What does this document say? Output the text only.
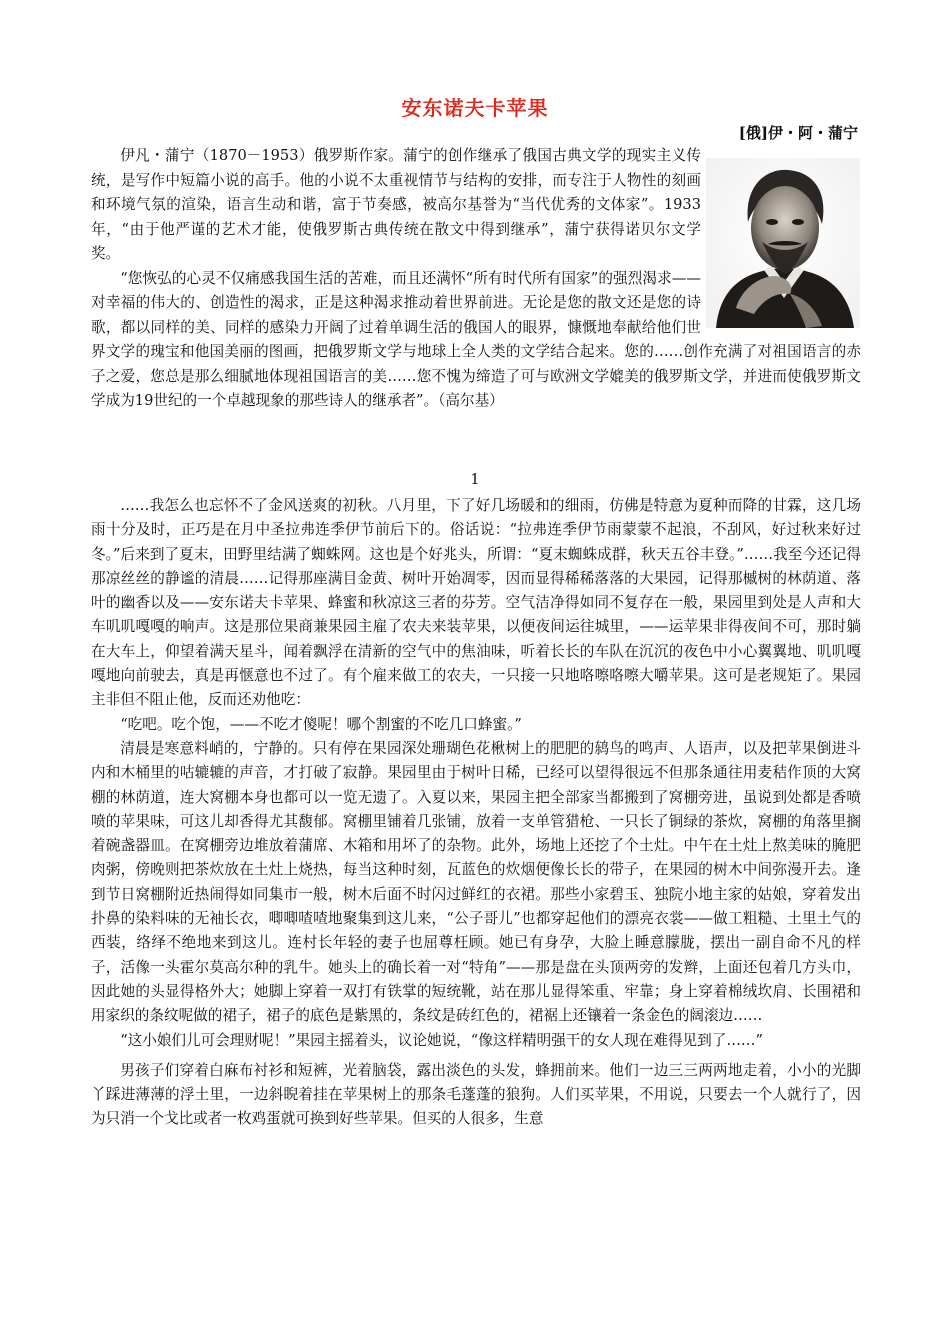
安东诺夫卡苹果
[俄]伊・阿・蒲宁

伊凡・蒲宁（1870－1953）俄罗斯作家。蒲宁的创作继承了俄国古典文学的现实主义传统，是写作中短篇小说的高手。他的小说不太重视情节与结构的安排，而专注于人物性的刻画和环境气氛的渲染，语言生动和谐，富于节奏感，被高尔基誉为“当代优秀的文体家”。1933年，“由于他严谨的艺术才能，使俄罗斯古典传统在散文中得到继承”，蒲宁获得诺贝尔文学奖。

“您恢弘的心灵不仅痛感我国生活的苦难，而且还满怀“所有时代所有国家”的强烈渴求——对幸福的伟大的、创造性的渴求，正是这种渴求推动着世界前进。无论是您的散文还是您的诗歌，都以同样的美、同样的感染力开阔了过着单调生活的俄国人的眼界，慷慨地奉献给他们世界文学的瑰宝和他国美丽的图画，把俄罗斯文学与地球上全人类的文学结合起来。您的……创作充满了对祖国语言的赤子之爱，您总是那么细腻地体现祖国语言的美……您不愧为缔造了可与欧洲文学媲美的俄罗斯文学，并进而使俄罗斯文学成为19世纪的一个卓越现象的那些诗人的继承者”。（高尔基）

1

……我怎么也忘怀不了金风送爽的初秋。八月里，下了好几场暖和的细雨，仿佛是特意为夏种而降的甘霖，这几场雨十分及时，正巧是在月中圣拉弗连季伊节前后下的。俗话说：“拉弗连季伊节雨蒙蒙不起浪，不刮风，好过秋来好过冬。”后来到了夏末，田野里结满了蜘蛛网。这也是个好兆头，所谓：“夏末蜘蛛成群，秋天五谷丰登。”……我至今还记得那凉丝丝的静谧的清晨……记得那座满目金黄、树叶开始凋零，因而显得稀稀落落的大果园，记得那槭树的林荫道、落叶的幽香以及——安东诺夫卡苹果、蜂蜜和秋凉这三者的芬芳。空气洁净得如同不复存在一般，果园里到处是人声和大车叽叽嘎嘎的响声。这是那位果商兼果园主雇了农夫来装苹果，以便夜间运往城里，——运苹果非得夜间不可，那时躺在大车上，仰望着满天星斗，闻着飘浮在清新的空气中的焦油味，听着长长的车队在沉沉的夜色中小心翼翼地、叽叽嘎嘎地向前驶去，真是再惬意也不过了。有个雇来做工的农夫，一只接一只地咯嚓咯嚓大嚼苹果。这可是老规矩了。果园主非但不阻止他，反而还劝他吃：

“吃吧。吃个饱，——不吃才傻呢！哪个割蜜的不吃几口蜂蜜。”

清晨是寒意料峭的，宁静的。只有停在果园深处珊瑚色花楸树上的肥肥的鸫鸟的鸣声、人语声，以及把苹果倒进斗内和木桶里的咕辘辘的声音，才打破了寂静。果园里由于树叶日稀，已经可以望得很远不但那条通往用麦秸作顶的大窝棚的林荫道，连大窝棚本身也都可以一览无遗了。入夏以来，果园主把全部家当都搬到了窝棚旁进，虽说到处都是香喷喷的苹果味，可这儿却香得尤其馥郁。窝棚里铺着几张铺，放着一支单管猎枪、一只长了铜绿的茶炊，窝棚的角落里搁着碗盏器皿。在窝棚旁边堆放着蒲席、木箱和用坏了的杂物。此外，场地上还挖了个土灶。中午在土灶上熬美味的腌肥肉粥，傍晚则把茶炊放在土灶上烧热，每当这种时刻，瓦蓝色的炊烟便像长长的带子，在果园的树木中间弥漫开去。逢到节日窝棚附近热闹得如同集市一般，树木后面不时闪过鲜红的衣裙。那些小家碧玉、独院小地主家的姑娘，穿着发出扑鼻的染料味的无袖长衣，唧唧喳喳地聚集到这儿来，“公子哥儿”也都穿起他们的漂亮衣裳——做工粗糙、土里土气的西装，络绎不绝地来到这儿。连村长年轻的妻子也屈尊枉顾。她已有身孕，大脸上睡意朦胧，摆出一副自命不凡的样子，活像一头霍尔莫高尔种的乳牛。她头上的确长着一对“特角”——那是盘在头顶两旁的发辫，上面还包着几方头巾，因此她的头显得格外大；她脚上穿着一双打有铁掌的短统靴，站在那儿显得笨重、牢靠；身上穿着棉绒坎肩、长围裙和用家织的条纹呢做的裙子，裙子的底色是紫黑的，条纹是砖红色的，裙裾上还镶着一条金色的阔滚边……

“这小娘们儿可会理财呢！”果园主摇着头，议论她说，“像这样精明强干的女人现在难得见到了……”

男孩子们穿着白麻布衬衫和短裤，光着脑袋，露出淡色的头发，蜂拥前来。他们一边三三两两地走着，小小的光脚丫踩进薄薄的浮土里，一边斜睨着挂在苹果树上的那条毛蓬蓬的狼狗。人们买苹果，不用说，只要去一个人就行了，因为只消一个戈比或者一枚鸡蛋就可换到好些苹果。但买的人很多，生意
